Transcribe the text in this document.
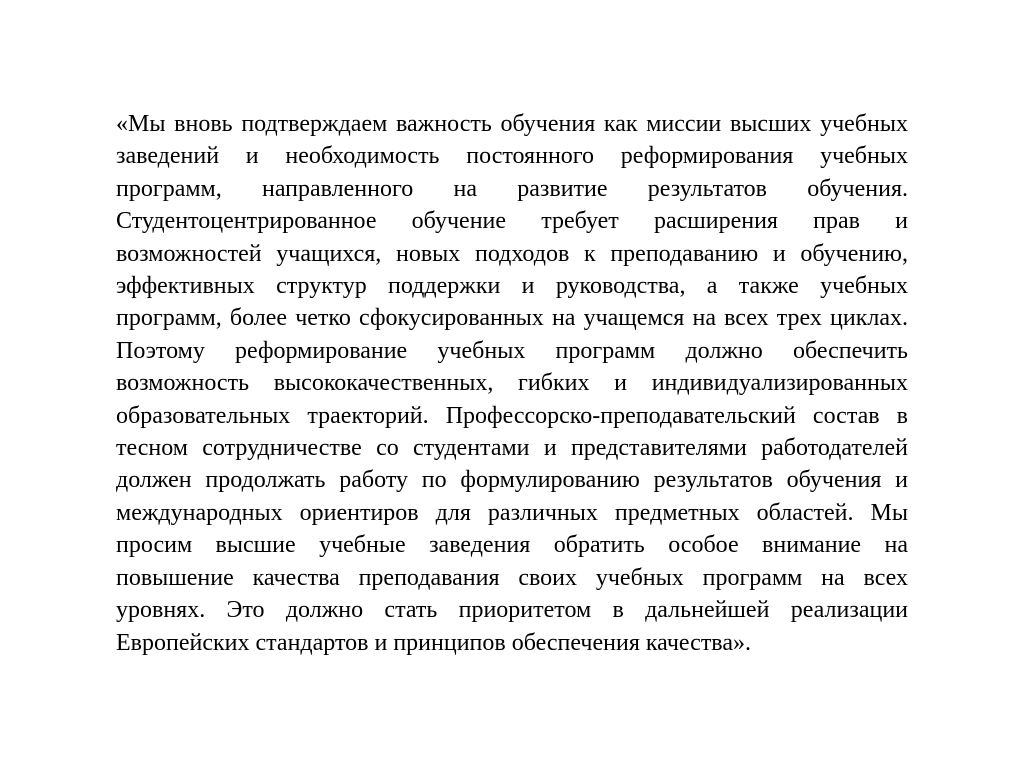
«Мы вновь подтверждаем важность обучения как миссии высших учебных заведений и необходимость постоянного реформирования учебных программ, направленного на развитие результатов обучения. Студентоцентрированное обучение требует расширения прав и возможностей учащихся, новых подходов к преподаванию и обучению, эффективных структур поддержки и руководства, а также учебных программ, более четко сфокусированных на учащемся на всех трех циклах. Поэтому реформирование учебных программ должно обеспечить возможность высококачественных, гибких и индивидуализированных образовательных траекторий. Профессорско-преподавательский состав в тесном сотрудничестве со студентами и представителями работодателей должен продолжать работу по формулированию результатов обучения и международных ориентиров для различных предметных областей. Мы просим высшие учебные заведения обратить особое внимание на повышение качества преподавания своих учебных программ на всех уровнях. Это должно стать приоритетом в дальнейшей реализации Европейских стандартов и принципов обеспечения качества».
